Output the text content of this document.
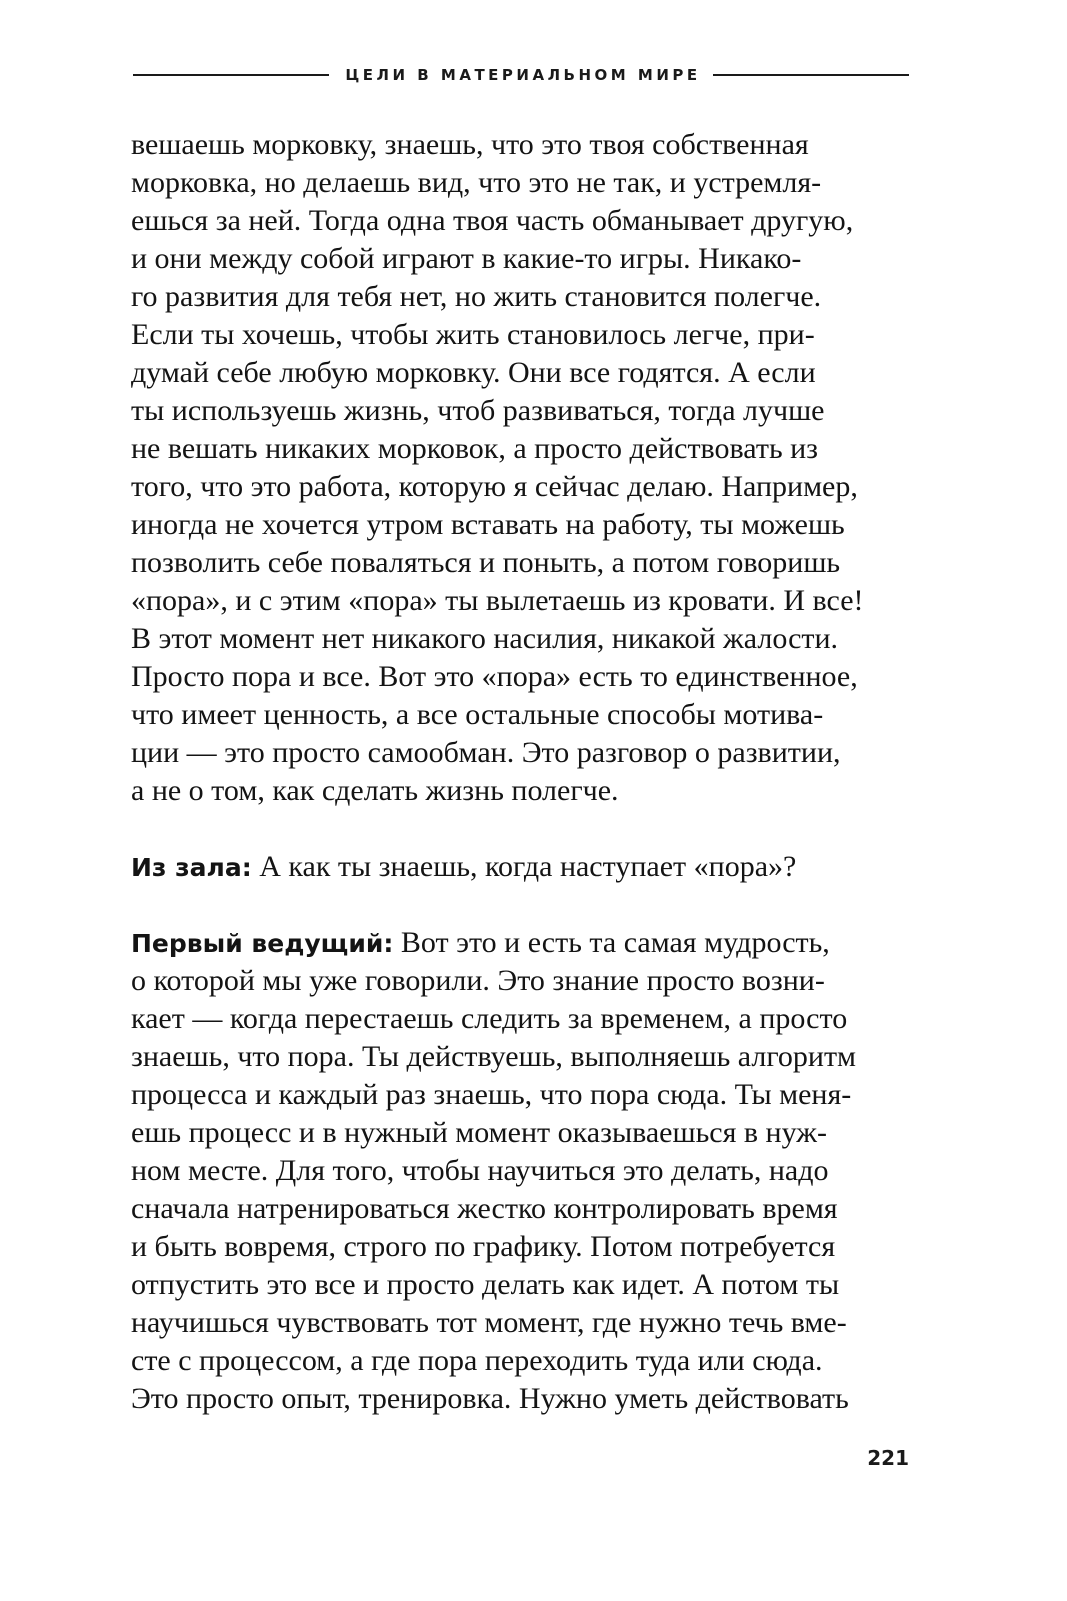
ЦЕЛИ В МАТЕРИАЛЬНОМ МИРЕ
вешаешь морковку, знаешь, что это твоя собственная
морковка, но делаешь вид, что это не так, и устремля-
ешься за ней. Тогда одна твоя часть обманывает другую,
и они между собой играют в какие-то игры. Никако-
го развития для тебя нет, но жить становится полегче.
Если ты хочешь, чтобы жить становилось легче, при-
думай себе любую морковку. Они все годятся. А если
ты используешь жизнь, чтоб развиваться, тогда лучше
не вешать никаких морковок, а просто действовать из
того, что это работа, которую я сейчас делаю. Например,
иногда не хочется утром вставать на работу, ты можешь
позволить себе поваляться и поныть, а потом говоришь
«пора», и с этим «пора» ты вылетаешь из кровати. И все!
В этот момент нет никакого насилия, никакой жалости.
Просто пора и все. Вот это «пора» есть то единственное,
что имеет ценность, а все остальные способы мотива-
ции — это просто самообман. Это разговор о развитии,
а не о том, как сделать жизнь полегче.
Из зала: А как ты знаешь, когда наступает «пора»?
Первый ведущий: Вот это и есть та самая мудрость,
о которой мы уже говорили. Это знание просто возни-
кает — когда перестаешь следить за временем, а просто
знаешь, что пора. Ты действуешь, выполняешь алгоритм
процесса и каждый раз знаешь, что пора сюда. Ты меня-
ешь процесс и в нужный момент оказываешься в нуж-
ном месте. Для того, чтобы научиться это делать, надо
сначала натренироваться жестко контролировать время
и быть вовремя, строго по графику. Потом потребуется
отпустить это все и просто делать как идет. А потом ты
научишься чувствовать тот момент, где нужно течь вме-
сте с процессом, а где пора переходить туда или сюда.
Это просто опыт, тренировка. Нужно уметь действовать
221
